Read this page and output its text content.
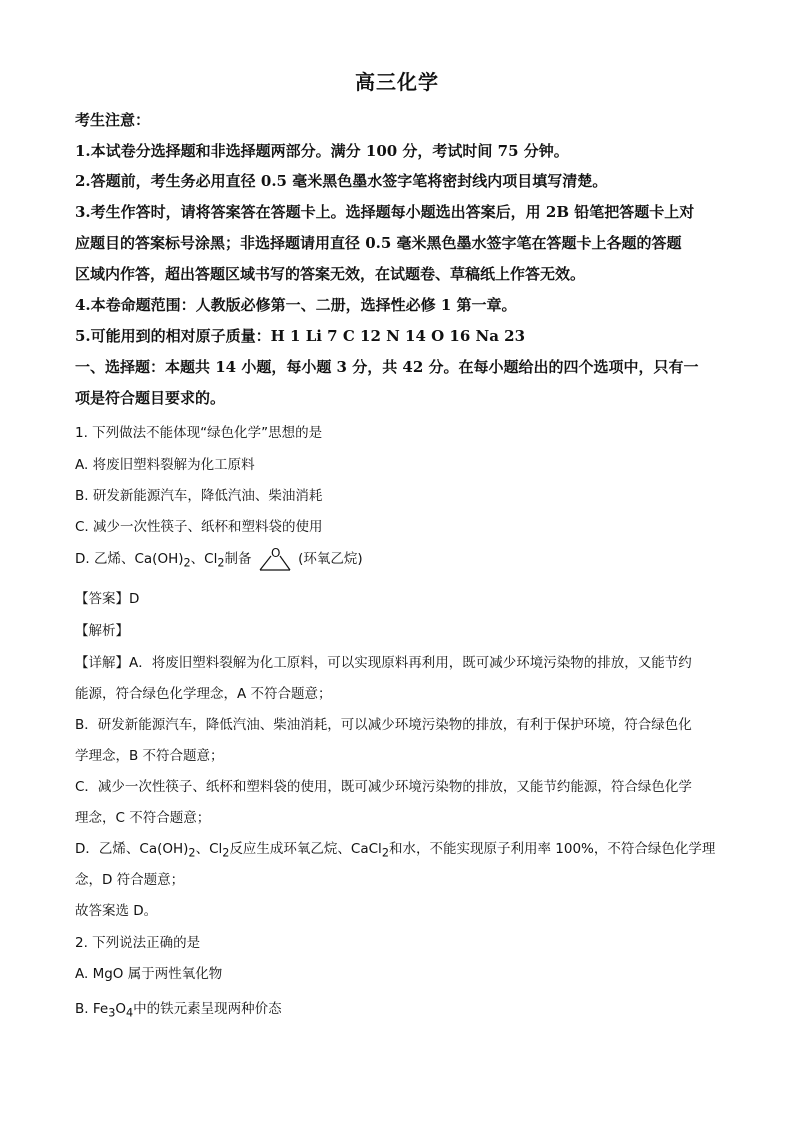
高三化学
考生注意：
1.本试卷分选择题和非选择题两部分。满分 100 分，考试时间 75 分钟。
2.答题前，考生务必用直径 0.5 毫米黑色墨水签字笔将密封线内项目填写清楚。
3.考生作答时，请将答案答在答题卡上。选择题每小题选出答案后，用 2B 铅笔把答题卡上对
应题目的答案标号涂黑；非选择题请用直径 0.5 毫米黑色墨水签字笔在答题卡上各题的答题
区域内作答，超出答题区域书写的答案无效，在试题卷、草稿纸上作答无效。
4.本卷命题范围：人教版必修第一、二册，选择性必修 1 第一章。
5.可能用到的相对原子质量：H 1 Li 7 C 12 N 14 O 16 Na 23
一、选择题：本题共 14 小题，每小题 3 分，共 42 分。在每小题给出的四个选项中，只有一
项是符合题目要求的。
1. 下列做法不能体现“绿色化学”思想的是
A. 将废旧塑料裂解为化工原料
B. 研发新能源汽车，降低汽油、柴油消耗
C. 减少一次性筷子、纸杯和塑料袋的使用
D. 乙烯、$Ca(OH)_2$、$Cl_2$制备 O (环氧乙烷)
【答案】D
【解析】
【详解】A．将废旧塑料裂解为化工原料，可以实现原料再利用，既可减少环境污染物的排放，又能节约
能源，符合绿色化学理念，A 不符合题意；
B．研发新能源汽车，降低汽油、柴油消耗，可以减少环境污染物的排放，有利于保护环境，符合绿色化
学理念，B 不符合题意；
C．减少一次性筷子、纸杯和塑料袋的使用，既可减少环境污染物的排放，又能节约能源，符合绿色化学
理念，C 不符合题意；
D．乙烯、$Ca(OH)_2$、$Cl_2$反应生成环氧乙烷、CaCl$_2$和水，不能实现原子利用率 100%，不符合绿色化学理
念，D 符合题意；
故答案选 D。
2. 下列说法正确的是
A. MgO 属于两性氧化物
B. $Fe_3O_4$中的铁元素呈现两种价态
